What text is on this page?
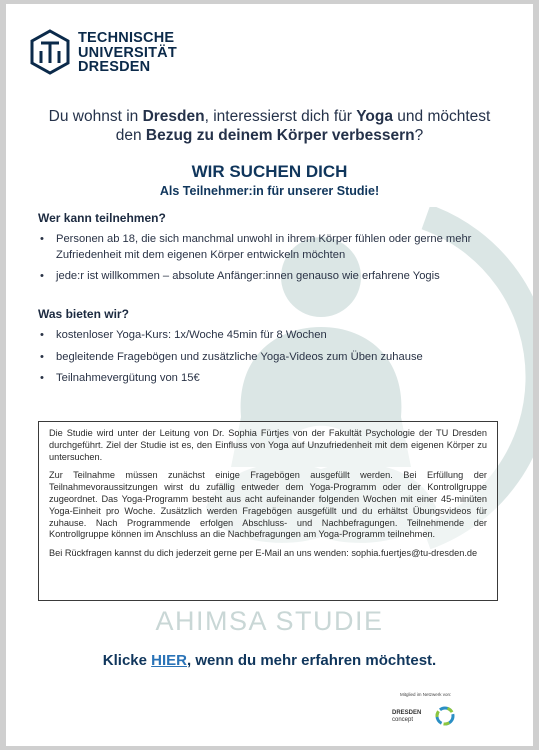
TECHNISCHE
UNIVERSITÄT
DRESDEN
Du wohnst in Dresden, interessierst dich für Yoga und möchtest
den Bezug zu deinem Körper verbessern?
WIR SUCHEN DICH
Als Teilnehmer:in für unserer Studie!
Wer kann teilnehmen?
• Personen ab 18, die sich manchmal unwohl in ihrem Körper fühlen oder gerne mehr Zufriedenheit mit dem eigenen Körper entwickeln möchten
• jede:r ist willkommen – absolute Anfänger:innen genauso wie erfahrene Yogis
Was bieten wir?
• kostenloser Yoga-Kurs: 1x/Woche 45min für 8 Wochen
• begleitende Fragebögen und zusätzliche Yoga-Videos zum Üben zuhause
• Teilnahmevergütung von 15€

Die Studie wird unter der Leitung von Dr. Sophia Fürtjes von der Fakultät Psychologie der TU Dresden durchgeführt. Ziel der Studie ist es, den Einfluss von Yoga auf Unzufriedenheit mit dem eigenen Körper zu untersuchen.

Zur Teilnahme müssen zunächst einige Fragebögen ausgefüllt werden. Bei Erfüllung der Teilnahmevoraussitzungen wirst du zufällig entweder dem Yoga-Programm oder der Kontrollgruppe zugeordnet. Das Yoga-Programm besteht aus acht aufeinander folgenden Wochen mit einer 45-minüten Yoga-Einheit pro Woche. Zusätzlich werden Fragebögen ausgefüllt und du erhältst Übungsvideos für zuhause. Nach Programmende erfolgen Abschluss- und Nachbefragungen. Teilnehmende der Kontrollgruppe können im Anschluss an die Nachbefragungen am Yoga-Programm teilnehmen.

Bei Rückfragen kannst du dich jederzeit gerne per E-Mail an uns wenden: sophia.fuertjes@tu-dresden.de

AHIMSA STUDIE
Klicke HIER, wenn du mehr erfahren möchtest.
Mitglied im Netzwerk von:
DRESDEN
concept
